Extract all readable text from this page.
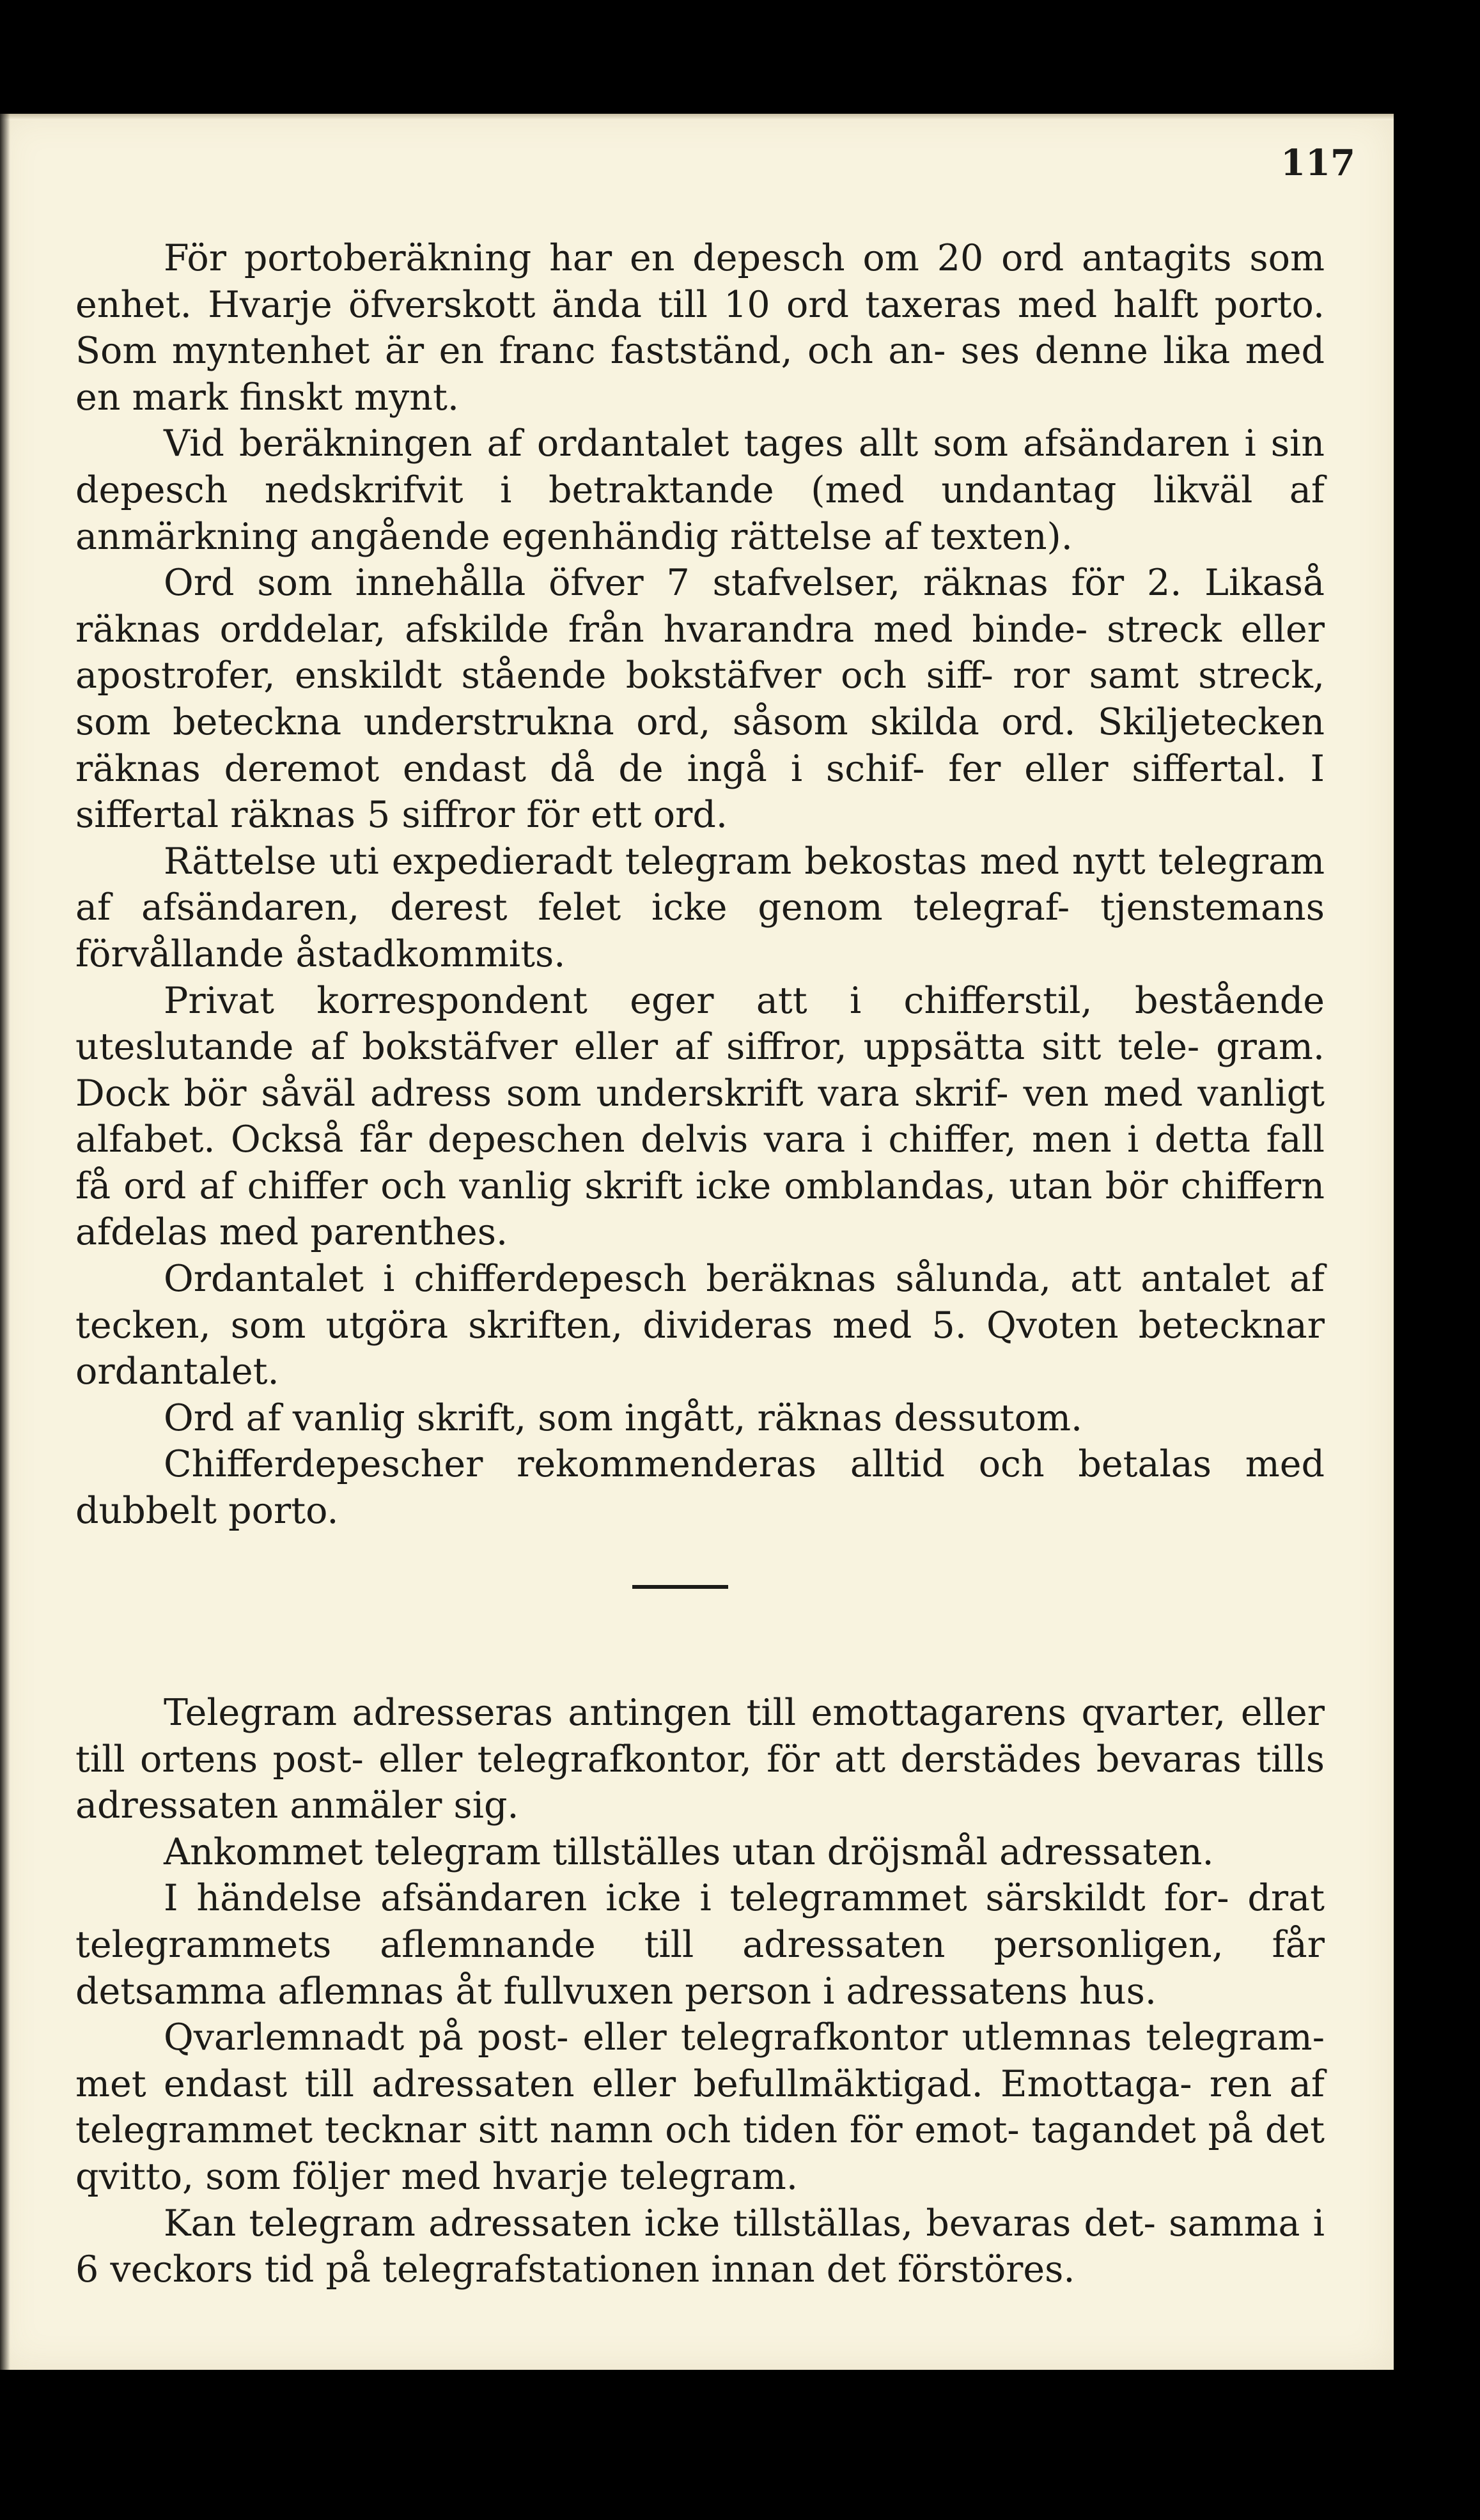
117

För portoberäkning har en depesch om 20 ord antagits som enhet. Hvarje öfverskott ända till 10 ord taxeras med halft porto. Som myntenhet är en franc fastständ, och an- ses denne lika med en mark finskt mynt.

Vid beräkningen af ordantalet tages allt som afsändaren i sin depesch nedskrifvit i betraktande (med undantag likväl af anmärkning angående egenhändig rättelse af texten).

Ord som innehålla öfver 7 stafvelser, räknas för 2. Likaså räknas orddelar, afskilde från hvarandra med binde- streck eller apostrofer, enskildt stående bokstäfver och siff- ror samt streck, som beteckna understrukna ord, såsom skilda ord. Skiljetecken räknas deremot endast då de ingå i schif- fer eller siffertal. I siffertal räknas 5 siffror för ett ord.

Rättelse uti expedieradt telegram bekostas med nytt telegram af afsändaren, derest felet icke genom telegraf- tjenstemans förvållande åstadkommits.

Privat korrespondent eger att i chifferstil, bestående uteslutande af bokstäfver eller af siffror, uppsätta sitt tele- gram. Dock bör såväl adress som underskrift vara skrif- ven med vanligt alfabet. Också får depeschen delvis vara i chiffer, men i detta fall få ord af chiffer och vanlig skrift icke omblandas, utan bör chiffern afdelas med parenthes.

Ordantalet i chifferdepesch beräknas sålunda, att antalet af tecken, som utgöra skriften, divideras med 5. Qvoten betecknar ordantalet.

Ord af vanlig skrift, som ingått, räknas dessutom.

Chifferdepescher rekommenderas alltid och betalas med dubbelt porto.

Telegram adresseras antingen till emottagarens qvarter, eller till ortens post- eller telegrafkontor, för att derstädes bevaras tills adressaten anmäler sig.

Ankommet telegram tillställes utan dröjsmål adressaten.

I händelse afsändaren icke i telegrammet särskildt for- drat telegrammets aflemnande till adressaten personligen, får detsamma aflemnas åt fullvuxen person i adressatens hus.

Qvarlemnadt på post- eller telegrafkontor utlemnas telegram- met endast till adressaten eller befullmäktigad. Emottaga- ren af telegrammet tecknar sitt namn och tiden för emot- tagandet på det qvitto, som följer med hvarje telegram.

Kan telegram adressaten icke tillställas, bevaras det- samma i 6 veckors tid på telegrafstationen innan det förstöres.
